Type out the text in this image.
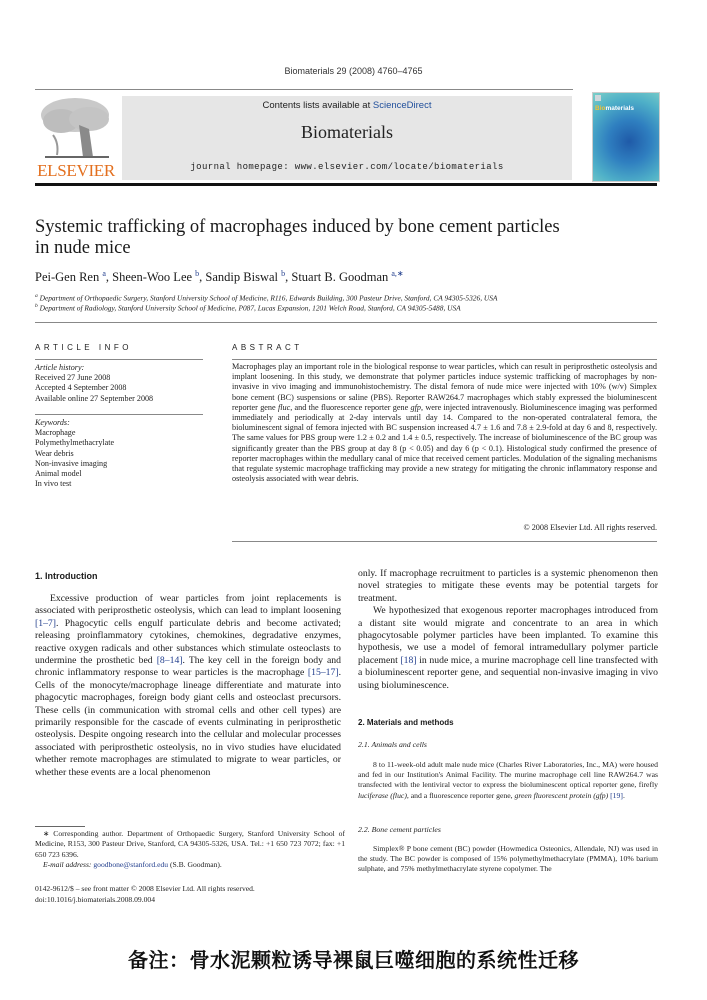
Biomaterials 29 (2008) 4760–4765
ELSEVIER
Contents lists available at ScienceDirect
Biomaterials
journal homepage: www.elsevier.com/locate/biomaterials
Biomaterials
Systemic trafficking of macrophages induced by bone cement particles
in nude mice
Pei-Gen Ren $^a$, Sheen-Woo Lee $^b$, Sandip Biswal $^b$, Stuart B. Goodman $^{a,∗}$
$^a$ Department of Orthopaedic Surgery, Stanford University School of Medicine, R116, Edwards Building, 300 Pasteur Drive, Stanford, CA 94305-5326, USA
$^b$ Department of Radiology, Stanford University School of Medicine, P087, Lucas Expansion, 1201 Welch Road, Stanford, CA 94305-5488, USA
ARTICLE INFO	ABSTRACT
Article history:
Received 27 June 2008
Accepted 4 September 2008
Available online 27 September 2008
Keywords:
Macrophage
Polymethylmethacrylate
Wear debris
Non-invasive imaging
Animal model
In vivo test
Macrophages play an important role in the biological response to wear particles, which can result in periprosthetic osteolysis and implant loosening. In this study, we demonstrate that polymer particles induce systemic trafficking of macrophages by non-invasive in vivo imaging and immunohistochemistry. The distal femora of nude mice were injected with 10% (w/v) Simplex bone cement (BC) suspensions or saline (PBS). Reporter RAW264.7 macrophages which stably expressed the bioluminescent reporter gene fluc, and the fluorescence reporter gene gfp, were injected intravenously. Bioluminescence imaging was performed immediately and periodically at 2-day intervals until day 14. Compared to the non-operated contralateral femora, the bioluminescent signal of femora injected with BC suspension increased 4.7 ± 1.6 and 7.8 ± 2.9-fold at day 6 and 8, respectively. The same values for PBS group were 1.2 ± 0.2 and 1.4 ± 0.5, respectively. The increase of bioluminescence of the BC group was significantly greater than the PBS group at day 8 (p < 0.05) and day 6 (p < 0.1). Histological study confirmed the presence of reporter macrophages within the medullary canal of mice that received cement particles. Modulation of the signaling mechanisms that regulate systemic macrophage trafficking may provide a new strategy for mitigating the chronic inflammatory response and osteolysis associated with wear debris.
© 2008 Elsevier Ltd. All rights reserved.
1. Introduction

Excessive production of wear particles from joint replacements is associated with periprosthetic osteolysis, which can lead to implant loosening [1–7]. Phagocytic cells engulf particulate debris and become activated; releasing proinflammatory cytokines, chemokines, degradative enzymes, reactive oxygen radicals and other substances which stimulate osteoclasts to undermine the prosthetic bed [8–14]. The key cell in the foreign body and chronic inflammatory response to wear particles is the macrophage [15–17]. Cells of the monocyte/macrophage lineage differentiate and maturate into phagocytic macrophages, foreign body giant cells and osteoclast precursors. These cells (in communication with stromal cells and other cell types) are primarily responsible for the cascade of events culminating in periprosthetic osteolysis. Despite ongoing research into the cellular and molecular processes associated with periprosthetic osteolysis, no in vivo studies have elucidated whether remote macrophages are stimulated to migrate to wear particles, or whether these events are a local phenomenon

only. If macrophage recruitment to particles is a systemic phenomenon then novel strategies to mitigate these events may be potential targets for treatment.

We hypothesized that exogenous reporter macrophages introduced from a distant site would migrate and concentrate to an area in which phagocytosable polymer particles have been implanted. To examine this hypothesis, we use a model of femoral intramedullary polymer particle placement [18] in nude mice, a murine macrophage cell line transfected with a bioluminescent reporter gene, and sequential non-invasive imaging in vivo using bioluminescence.

2. Materials and methods
2.1. Animals and cells

8 to 11-week-old adult male nude mice (Charles River Laboratories, Inc., MA) were housed and fed in our Institution's Animal Facility. The murine macrophage cell line RAW264.7 was transfected with the lentiviral vector to express the bioluminescent optical reporter gene, firefly luciferase (fluc), and a fluorescence reporter gene, green fluorescent protein (gfp) [19].

2.2. Bone cement particles

Simplex® P bone cement (BC) powder (Howmedica Osteonics, Allendale, NJ) was used in the study. The BC powder is composed of 15% polymethylmethacrylate (PMMA), 10% barium sulphate, and 75% methylmethacrylate styrene copolymer. The

∗ Corresponding author. Department of Orthopaedic Surgery, Stanford University School of Medicine, R153, 300 Pasteur Drive, Stanford, CA 94305-5326, USA. Tel.: +1 650 723 7072; fax: +1 650 723 6396.
E-mail address: goodbone@stanford.edu (S.B. Goodman).
0142-9612/$ – see front matter © 2008 Elsevier Ltd. All rights reserved.
doi:10.1016/j.biomaterials.2008.09.004
备注：骨水泥颗粒诱导裸鼠巨噬细胞的系统性迁移
